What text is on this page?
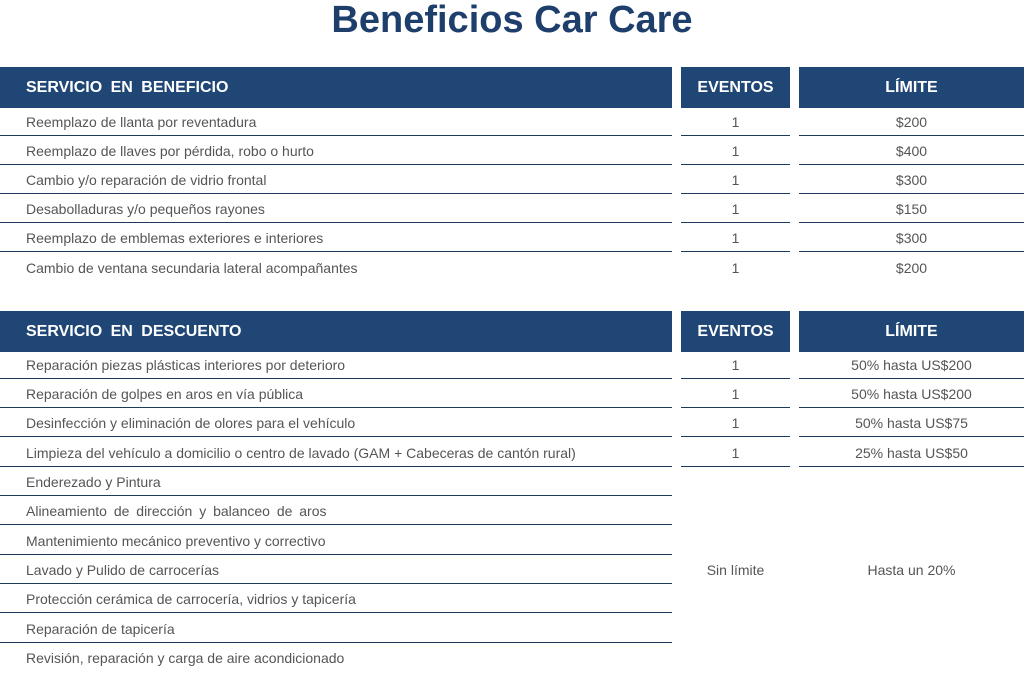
Beneficios Car Care
SERVICIO EN BENEFICIO	EVENTOS	LÍMITE
Reemplazo de llanta por reventadura	1	$200
Reemplazo de llaves por pérdida, robo o hurto	1	$400
Cambio y/o reparación de vidrio frontal	1	$300
Desabolladuras y/o pequeños rayones	1	$150
Reemplazo de emblemas exteriores e interiores	1	$300
Cambio de ventana secundaria lateral acompañantes	1	$200
SERVICIO EN DESCUENTO	EVENTOS	LÍMITE
Reparación piezas plásticas interiores por deterioro	1	50% hasta US$200
Reparación de golpes en aros en vía pública	1	50% hasta US$200
Desinfección y eliminación de olores para el vehículo	1	50% hasta US$75
Limpieza del vehículo a domicilio o centro de lavado (GAM + Cabeceras de cantón rural)	1	25% hasta US$50
Enderezado y Pintura
Alineamiento de dirección y balanceo de aros
Mantenimiento mecánico preventivo y correctivo
Lavado y Pulido de carrocerías
Protección cerámica de carrocería, vidrios y tapicería
Reparación de tapicería
Revisión, reparación y carga de aire acondicionado
Sin límite	Hasta un 20%
